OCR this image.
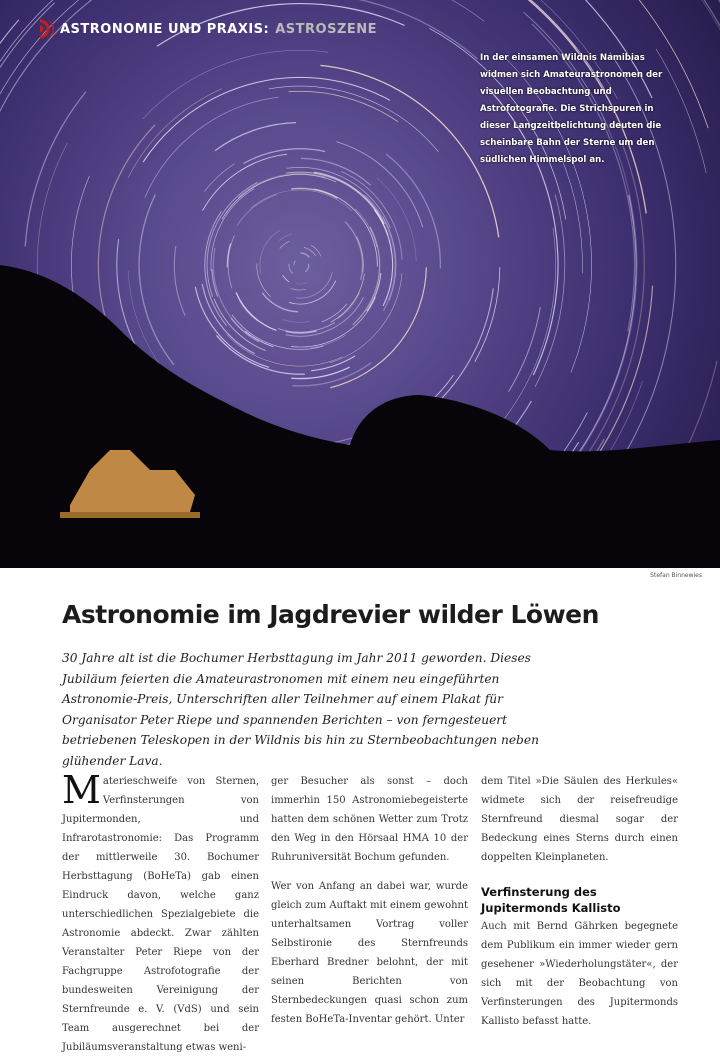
ASTRONOMIE UND PRAXIS: ASTROSZENE
In der einsamen Wildnis Namibias widmen sich Amateurastronomen der visuellen Beobachtung und Astrofotografie. Die Strichspuren in dieser Langzeitbelichtung deuten die scheinbare Bahn der Sterne um den südlichen Himmelspol an.
Stefan Binnewies
Astronomie im Jagdrevier wilder Löwen
30 Jahre alt ist die Bochumer Herbsttagung im Jahr 2011 geworden. Dieses Jubiläum feierten die Amateurastronomen mit einem neu eingeführten Astronomie-Preis, Unterschriften aller Teilnehmer auf einem Plakat für Organisator Peter Riepe und spannenden Berichten – von ferngesteuert betriebenen Teleskopen in der Wildnis bis hin zu Sternbeobachtungen neben glühender Lava.

Materieschweife von Sternen, Verfinsterungen von Jupitermonden, und Infrarotastronomie: Das Programm der mittlerweile 30. Bochumer Herbsttagung (BoHeTa) gab einen Eindruck davon, welche ganz unterschiedlichen Spezialgebiete die Astronomie abdeckt. Zwar zählten Veranstalter Peter Riepe von der Fachgruppe Astrofotografie der bundesweiten Vereinigung der Sternfreunde e. V. (VdS) und sein Team ausgerechnet bei der Jubiläumsveranstaltung etwas weni-

ger Besucher als sonst – doch immerhin 150 Astronomiebegeisterte hatten dem schönen Wetter zum Trotz den Weg in den Hörsaal HMA 10 der Ruhruniversität Bochum gefunden.

Wer von Anfang an dabei war, wurde gleich zum Auftakt mit einem gewohnt unterhaltsamen Vortrag voller Selbstironie des Sternfreunds Eberhard Bredner belohnt, der mit seinen Berichten von Sternbedeckungen quasi schon zum festen BoHeTa-Inventar gehört. Unter

dem Titel »Die Säulen des Herkules« widmete sich der reisefreudige Sternfreund diesmal sogar der Bedeckung eines Sterns durch einen doppelten Kleinplaneten.

Verfinsterung des Jupitermonds Kallisto

Auch mit Bernd Gährken begegnete dem Publikum ein immer wieder gern gesehener »Wiederholungstäter«, der sich mit der Beobachtung von Verfinsterungen des Jupitermonds Kallisto befasst hatte.
